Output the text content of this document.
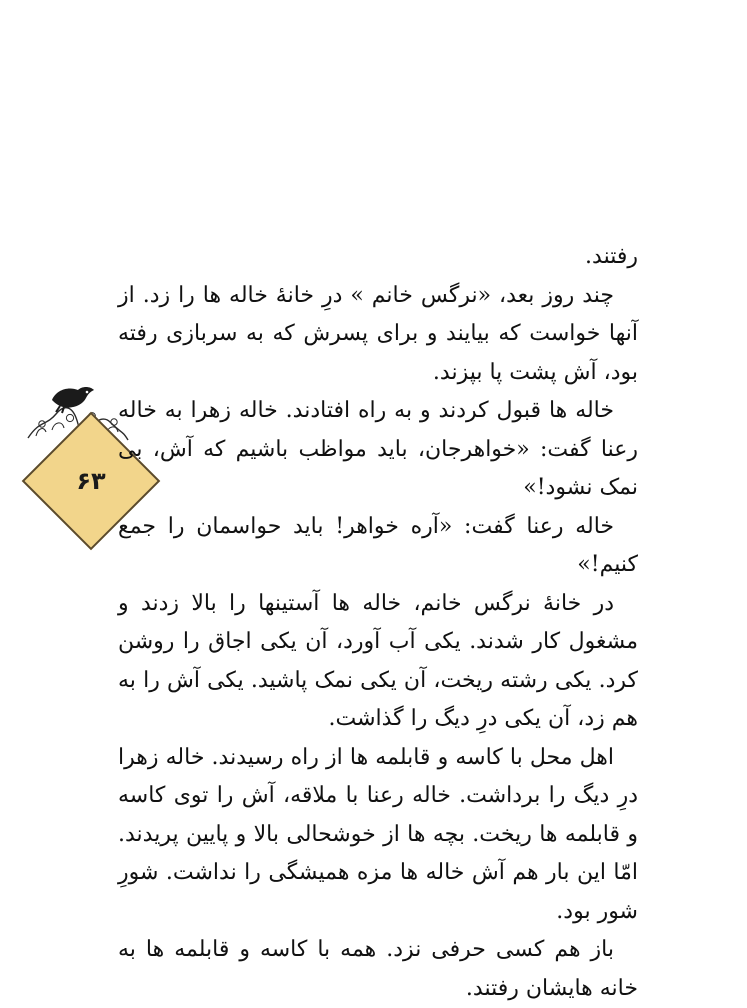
۶۳

رفتند.

چند روز بعد، «نرگس خانم » درِ خانهٔ خاله ها را زد. از آنها خواست که بیایند و برای پسرش که به سربازی رفته بود، آش پشت پا بپزند.

خاله ها قبول کردند و به راه افتادند. خاله زهرا به خاله رعنا گفت: «خواهرجان، باید مواظب باشیم که آش، بی نمک نشود!»

خاله رعنا گفت: «آره خواهر! باید حواسمان را جمع کنیم!»

در خانهٔ نرگس خانم، خاله ها آستینها را بالا زدند و مشغول کار شدند. یکی آب آورد، آن یکی اجاق را روشن کرد. یکی رشته ریخت، آن یکی نمک پاشید. یکی آش را به هم زد، آن یکی درِ دیگ را گذاشت.

اهل محل با کاسه و قابلمه ها از راه رسیدند. خاله زهرا درِ دیگ را برداشت. خاله رعنا با ملاقه، آش را توی کاسه و قابلمه ها ریخت. بچه ها از خوشحالی بالا و پایین پریدند. امّا این بار هم آش خاله ها مزه همیشگی را نداشت. شورِ شور بود.

باز هم کسی حرفی نزد. همه با کاسه و قابلمه ها به خانه هایشان رفتند.
